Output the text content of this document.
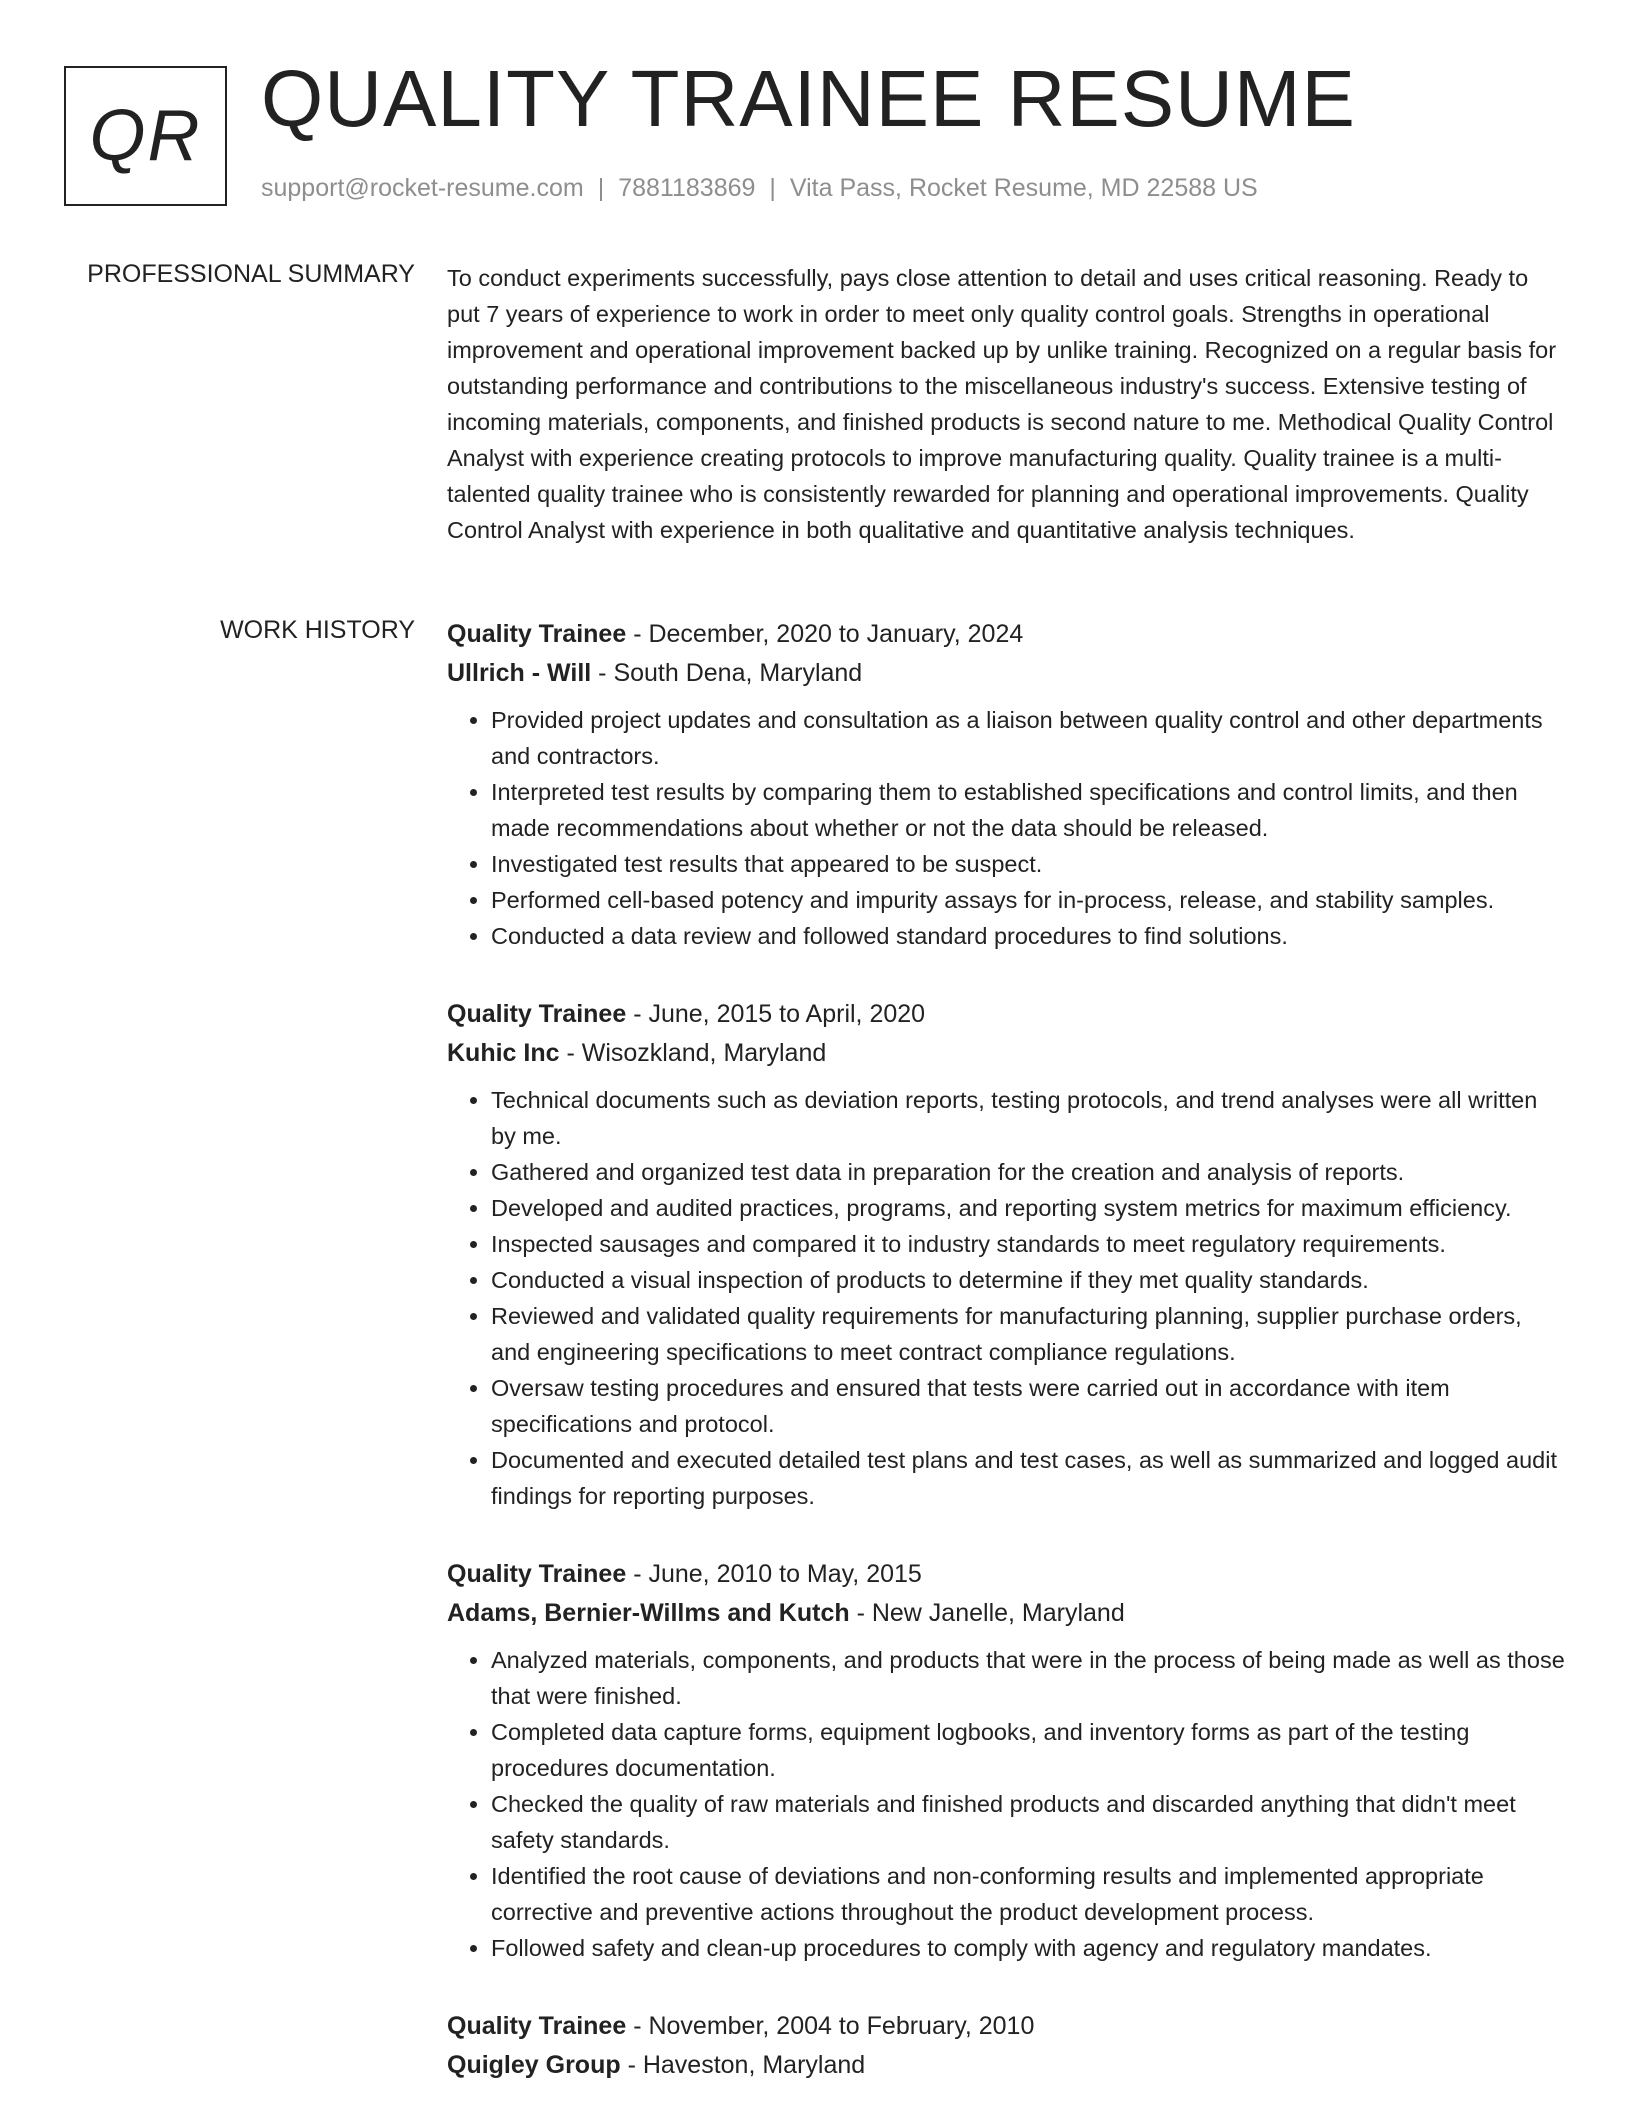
QR QUALITY TRAINEE RESUME
support@rocket-resume.com | 7881183869 | Vita Pass, Rocket Resume, MD 22588 US
PROFESSIONAL SUMMARY To conduct experiments successfully, pays close attention to detail and uses critical reasoning. Ready to put 7 years of experience to work in order to meet only quality control goals. Strengths in operational improvement and operational improvement backed up by unlike training. Recognized on a regular basis for outstanding performance and contributions to the miscellaneous industry's success. Extensive testing of incoming materials, components, and finished products is second nature to me. Methodical Quality Control Analyst with experience creating protocols to improve manufacturing quality. Quality trainee is a multi-talented quality trainee who is consistently rewarded for planning and operational improvements. Quality Control Analyst with experience in both qualitative and quantitative analysis techniques.

WORK HISTORY Quality Trainee - December, 2020 to January, 2024
Ullrich - Will - South Dena, Maryland
• Provided project updates and consultation as a liaison between quality control and other departments and contractors.
• Interpreted test results by comparing them to established specifications and control limits, and then made recommendations about whether or not the data should be released.
• Investigated test results that appeared to be suspect.
• Performed cell-based potency and impurity assays for in-process, release, and stability samples.
• Conducted a data review and followed standard procedures to find solutions.
Quality Trainee - June, 2015 to April, 2020
Kuhic Inc - Wisozkland, Maryland
• Technical documents such as deviation reports, testing protocols, and trend analyses were all written by me.
• Gathered and organized test data in preparation for the creation and analysis of reports.
• Developed and audited practices, programs, and reporting system metrics for maximum efficiency.
• Inspected sausages and compared it to industry standards to meet regulatory requirements.
• Conducted a visual inspection of products to determine if they met quality standards.
• Reviewed and validated quality requirements for manufacturing planning, supplier purchase orders, and engineering specifications to meet contract compliance regulations.
• Oversaw testing procedures and ensured that tests were carried out in accordance with item specifications and protocol.
• Documented and executed detailed test plans and test cases, as well as summarized and logged audit findings for reporting purposes.
Quality Trainee - June, 2010 to May, 2015
Adams, Bernier-Willms and Kutch - New Janelle, Maryland
• Analyzed materials, components, and products that were in the process of being made as well as those that were finished.
• Completed data capture forms, equipment logbooks, and inventory forms as part of the testing procedures documentation.
• Checked the quality of raw materials and finished products and discarded anything that didn't meet safety standards.
• Identified the root cause of deviations and non-conforming results and implemented appropriate corrective and preventive actions throughout the product development process.
• Followed safety and clean-up procedures to comply with agency and regulatory mandates.
Quality Trainee - November, 2004 to February, 2010
Quigley Group - Haveston, Maryland
